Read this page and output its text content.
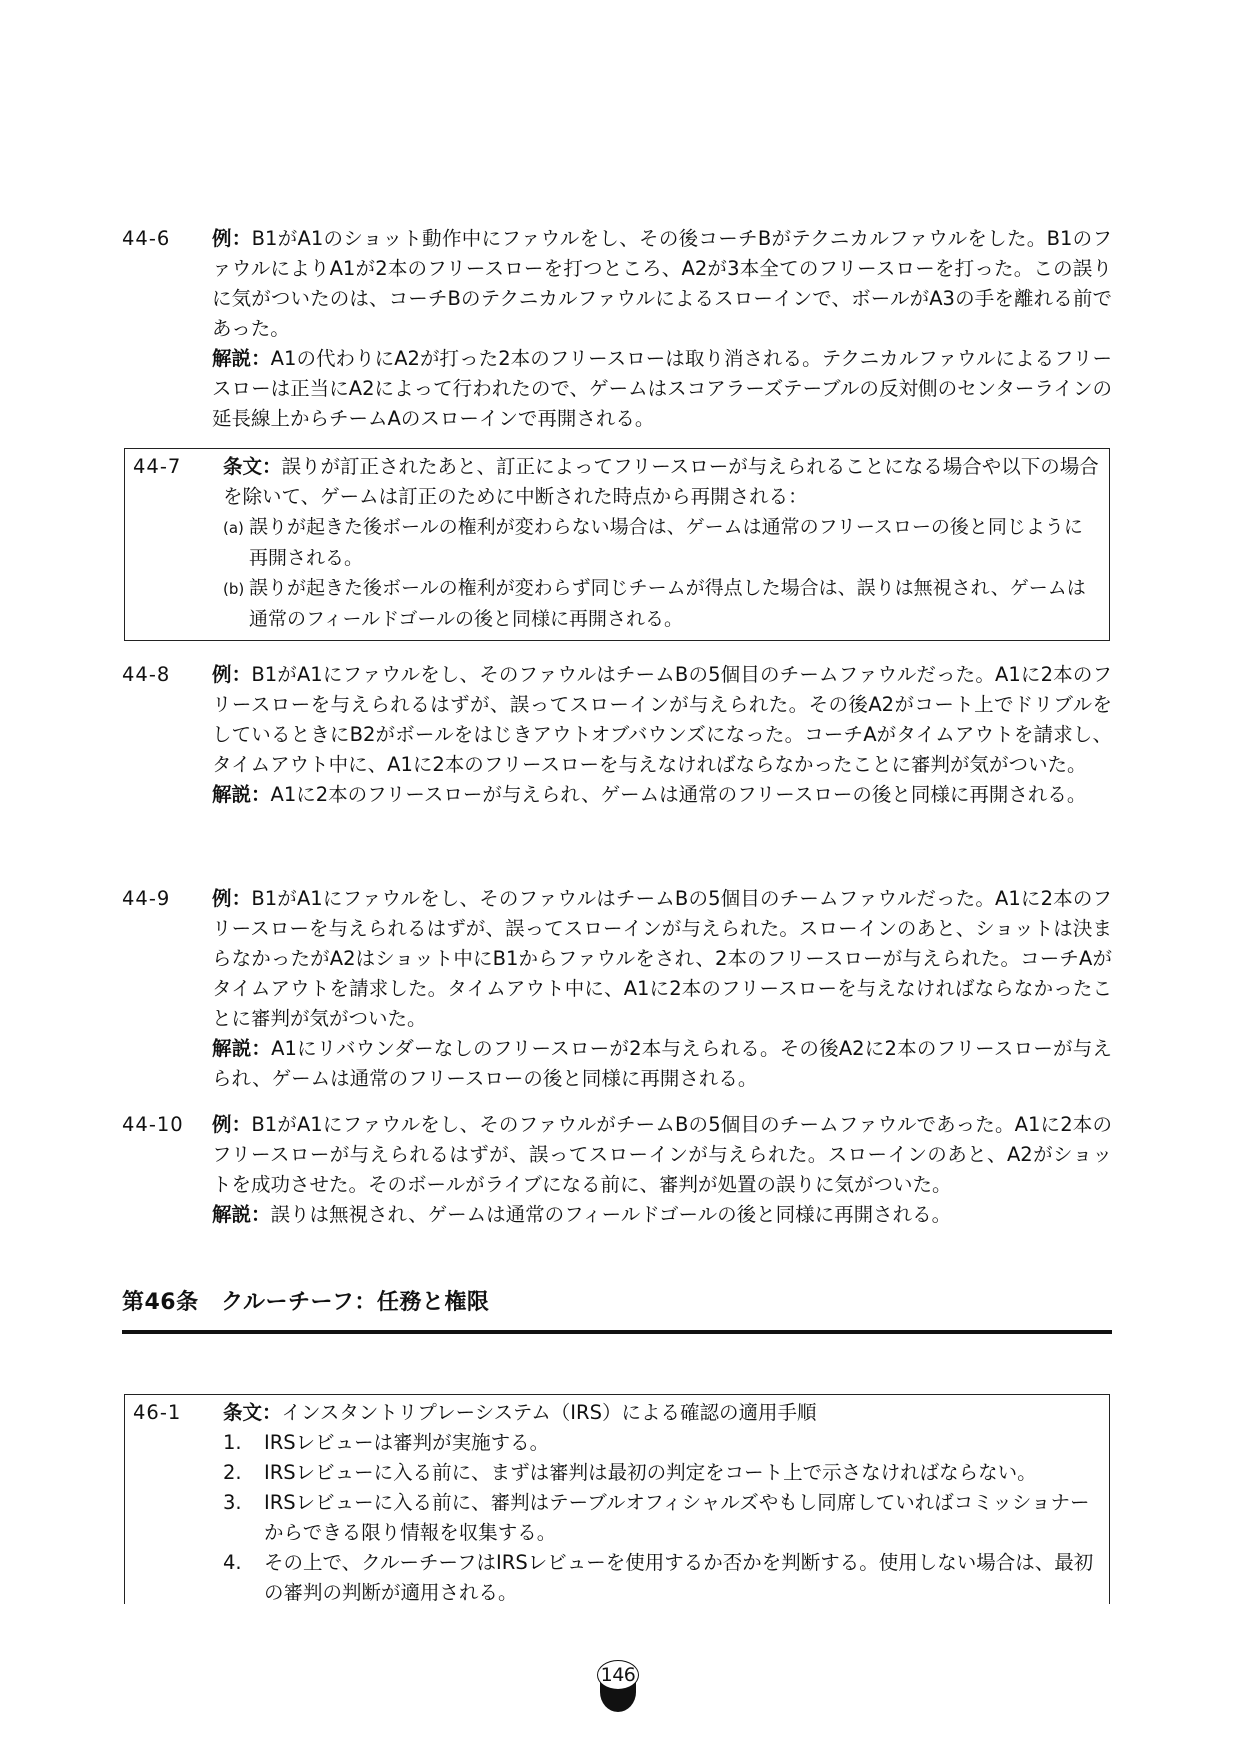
44-6 例：B1がA1のショット動作中にファウルをし、その後コーチBがテクニカルファウルをした。B1のファウルによりA1が2本のフリースローを打つところ、A2が3本全てのフリースローを打った。この誤りに気がついたのは、コーチBのテクニカルファウルによるスローインで、ボールがA3の手を離れる前であった。

解説：A1の代わりにA2が打った2本のフリースローは取り消される。テクニカルファウルによるフリースローは正当にA2によって行われたので、ゲームはスコアラーズテーブルの反対側のセンターラインの延長線上からチームAのスローインで再開される。

44-7 条文：誤りが訂正されたあと、訂正によってフリースローが与えられることになる場合や以下の場合を除いて、ゲームは訂正のために中断された時点から再開される：

(a) 誤りが起きた後ボールの権利が変わらない場合は、ゲームは通常のフリースローの後と同じように再開される。

(b) 誤りが起きた後ボールの権利が変わらず同じチームが得点した場合は、誤りは無視され、ゲームは通常のフィールドゴールの後と同様に再開される。

44-8 例：B1がA1にファウルをし、そのファウルはチームBの5個目のチームファウルだった。A1に2本のフリースローを与えられるはずが、誤ってスローインが与えられた。その後A2がコート上でドリブルをしているときにB2がボールをはじきアウトオブバウンズになった。コーチAがタイムアウトを請求し、タイムアウト中に、A1に2本のフリースローを与えなければならなかったことに審判が気がついた。

解説：A1に2本のフリースローが与えられ、ゲームは通常のフリースローの後と同様に再開される。

44-9 例：B1がA1にファウルをし、そのファウルはチームBの5個目のチームファウルだった。A1に2本のフリースローを与えられるはずが、誤ってスローインが与えられた。スローインのあと、ショットは決まらなかったがA2はショット中にB1からファウルをされ、2本のフリースローが与えられた。コーチAがタイムアウトを請求した。タイムアウト中に、A1に2本のフリースローを与えなければならなかったことに審判が気がついた。

解説：A1にリバウンダーなしのフリースローが2本与えられる。その後A2に2本のフリースローが与えられ、ゲームは通常のフリースローの後と同様に再開される。

44-10 例：B1がA1にファウルをし、そのファウルがチームBの5個目のチームファウルであった。A1に2本のフリースローが与えられるはずが、誤ってスローインが与えられた。スローインのあと、A2がショットを成功させた。そのボールがライブになる前に、審判が処置の誤りに気がついた。

解説：誤りは無視され、ゲームは通常のフィールドゴールの後と同様に再開される。

第46条　クルーチーフ：任務と権限
46-1 条文：インスタントリプレーシステム（IRS）による確認の適用手順

1. IRSレビューは審判が実施する。
2. IRSレビューに入る前に、まずは審判は最初の判定をコート上で示さなければならない。
3. IRSレビューに入る前に、審判はテーブルオフィシャルズやもし同席していればコミッショナーからできる限り情報を収集する。
4. その上で、クルーチーフはIRSレビューを使用するか否かを判断する。使用しない場合は、最初の審判の判断が適用される。
146
